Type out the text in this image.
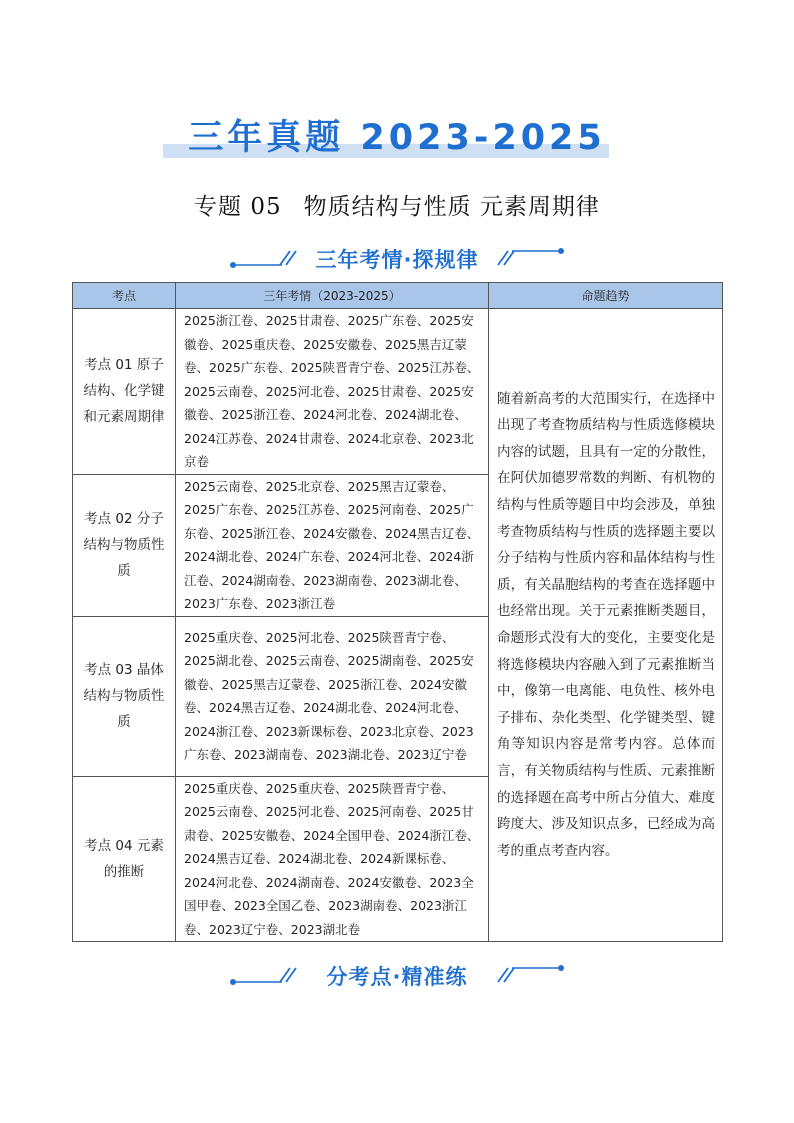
三年真题 2023-2025
专题 05 物质结构与性质 元素周期律
三年考情·探规律
考点	三年考情（2023-2025）	命题趋势
考点 01 原子结构、化学键和元素周期律	2025浙江卷、2025甘肃卷、2025广东卷、2025安徽卷、2025重庆卷、2025安徽卷、2025黑吉辽蒙卷、2025广东卷、2025陕晋青宁卷、2025江苏卷、2025云南卷、2025河北卷、2025甘肃卷、2025安徽卷、2025浙江卷、2024河北卷、2024湖北卷、2024江苏卷、2024甘肃卷、2024北京卷、2023北京卷	随着新高考的大范围实行，在选择中出现了考查物质结构与性质选修模块内容的试题，且具有一定的分散性，在阿伏加德罗常数的判断、有机物的结构与性质等题目中均会涉及，单独考查物质结构与性质的选择题主要以分子结构与性质内容和晶体结构与性质，有关晶胞结构的考查在选择题中也经常出现。关于元素推断类题目，命题形式没有大的变化，主要变化是将选修模块内容融入到了元素推断当中，像第一电离能、电负性、核外电子排布、杂化类型、化学键类型、键角等知识内容是常考内容。总体而言，有关物质结构与性质、元素推断的选择题在高考中所占分值大、难度跨度大、涉及知识点多，已经成为高考的重点考查内容。
考点 02 分子结构与物质性质	2025云南卷、2025北京卷、2025黑吉辽蒙卷、2025广东卷、2025江苏卷、2025河南卷、2025广东卷、2025浙江卷、2024安徽卷、2024黑吉辽卷、2024湖北卷、2024广东卷、2024河北卷、2024浙江卷、2024湖南卷、2023湖南卷、2023湖北卷、2023广东卷、2023浙江卷	
考点 03 晶体结构与物质性质	2025重庆卷、2025河北卷、2025陕晋青宁卷、2025湖北卷、2025云南卷、2025湖南卷、2025安徽卷、2025黑吉辽蒙卷、2025浙江卷、2024安徽卷、2024黑吉辽卷、2024湖北卷、2024河北卷、2024浙江卷、2023新课标卷、2023北京卷、2023广东卷、2023湖南卷、2023湖北卷、2023辽宁卷	
考点 04 元素的推断	2025重庆卷、2025重庆卷、2025陕晋青宁卷、2025云南卷、2025河北卷、2025河南卷、2025甘肃卷、2025安徽卷、2024全国甲卷、2024浙江卷、2024黑吉辽卷、2024湖北卷、2024新课标卷、2024河北卷、2024湖南卷、2024安徽卷、2023全国甲卷、2023全国乙卷、2023湖南卷、2023浙江卷、2023辽宁卷、2023湖北卷	
分考点·精准练
